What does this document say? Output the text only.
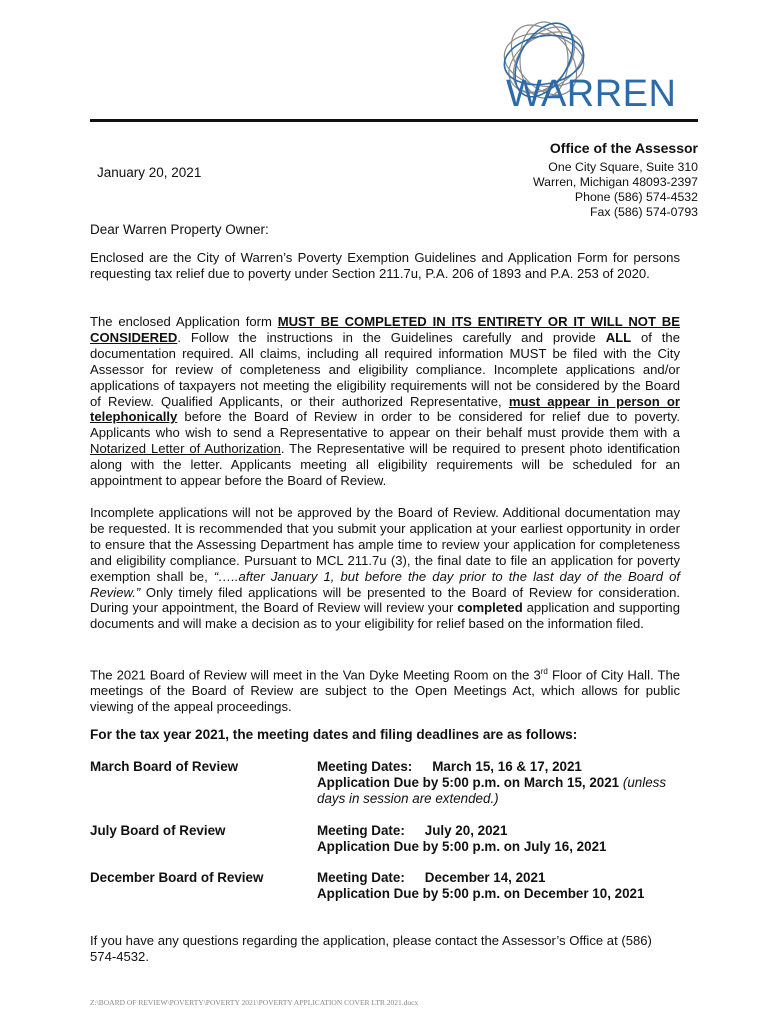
WARREN
Office of the Assessor
One City Square, Suite 310
Warren, Michigan 48093-2397
Phone (586) 574-4532
Fax (586) 574-0793
January 20, 2021
Dear Warren Property Owner:
Enclosed are the City of Warren’s Poverty Exemption Guidelines and Application Form for persons requesting tax relief due to poverty under Section 211.7u, P.A. 206 of 1893 and P.A. 253 of 2020.
The enclosed Application form MUST BE COMPLETED IN ITS ENTIRETY OR IT WILL NOT BE CONSIDERED. Follow the instructions in the Guidelines carefully and provide ALL of the documentation required. All claims, including all required information MUST be filed with the City Assessor for review of completeness and eligibility compliance. Incomplete applications and/or applications of taxpayers not meeting the eligibility requirements will not be considered by the Board of Review. Qualified Applicants, or their authorized Representative, must appear in person or telephonically before the Board of Review in order to be considered for relief due to poverty. Applicants who wish to send a Representative to appear on their behalf must provide them with a Notarized Letter of Authorization. The Representative will be required to present photo identification along with the letter. Applicants meeting all eligibility requirements will be scheduled for an appointment to appear before the Board of Review.
Incomplete applications will not be approved by the Board of Review. Additional documentation may be requested. It is recommended that you submit your application at your earliest opportunity in order to ensure that the Assessing Department has ample time to review your application for completeness and eligibility compliance. Pursuant to MCL 211.7u (3), the final date to file an application for poverty exemption shall be, “…..after January 1, but before the day prior to the last day of the Board of Review.” Only timely filed applications will be presented to the Board of Review for consideration. During your appointment, the Board of Review will review your completed application and supporting documents and will make a decision as to your eligibility for relief based on the information filed.
The 2021 Board of Review will meet in the Van Dyke Meeting Room on the 3rd Floor of City Hall. The meetings of the Board of Review are subject to the Open Meetings Act, which allows for public viewing of the appeal proceedings.
For the tax year 2021, the meeting dates and filing deadlines are as follows:
March Board of Review	Meeting Dates: March 15, 16 & 17, 2021
Application Due by 5:00 p.m. on March 15, 2021 (unless days in session are extended.)
July Board of Review	Meeting Date: July 20, 2021
Application Due by 5:00 p.m. on July 16, 2021
December Board of Review	Meeting Date: December 14, 2021
Application Due by 5:00 p.m. on December 10, 2021
If you have any questions regarding the application, please contact the Assessor’s Office at (586) 574-4532.
Z:\BOARD OF REVIEW\POVERTY\POVERTY 2021\POVERTY APPLICATION COVER LTR 2021.docx
